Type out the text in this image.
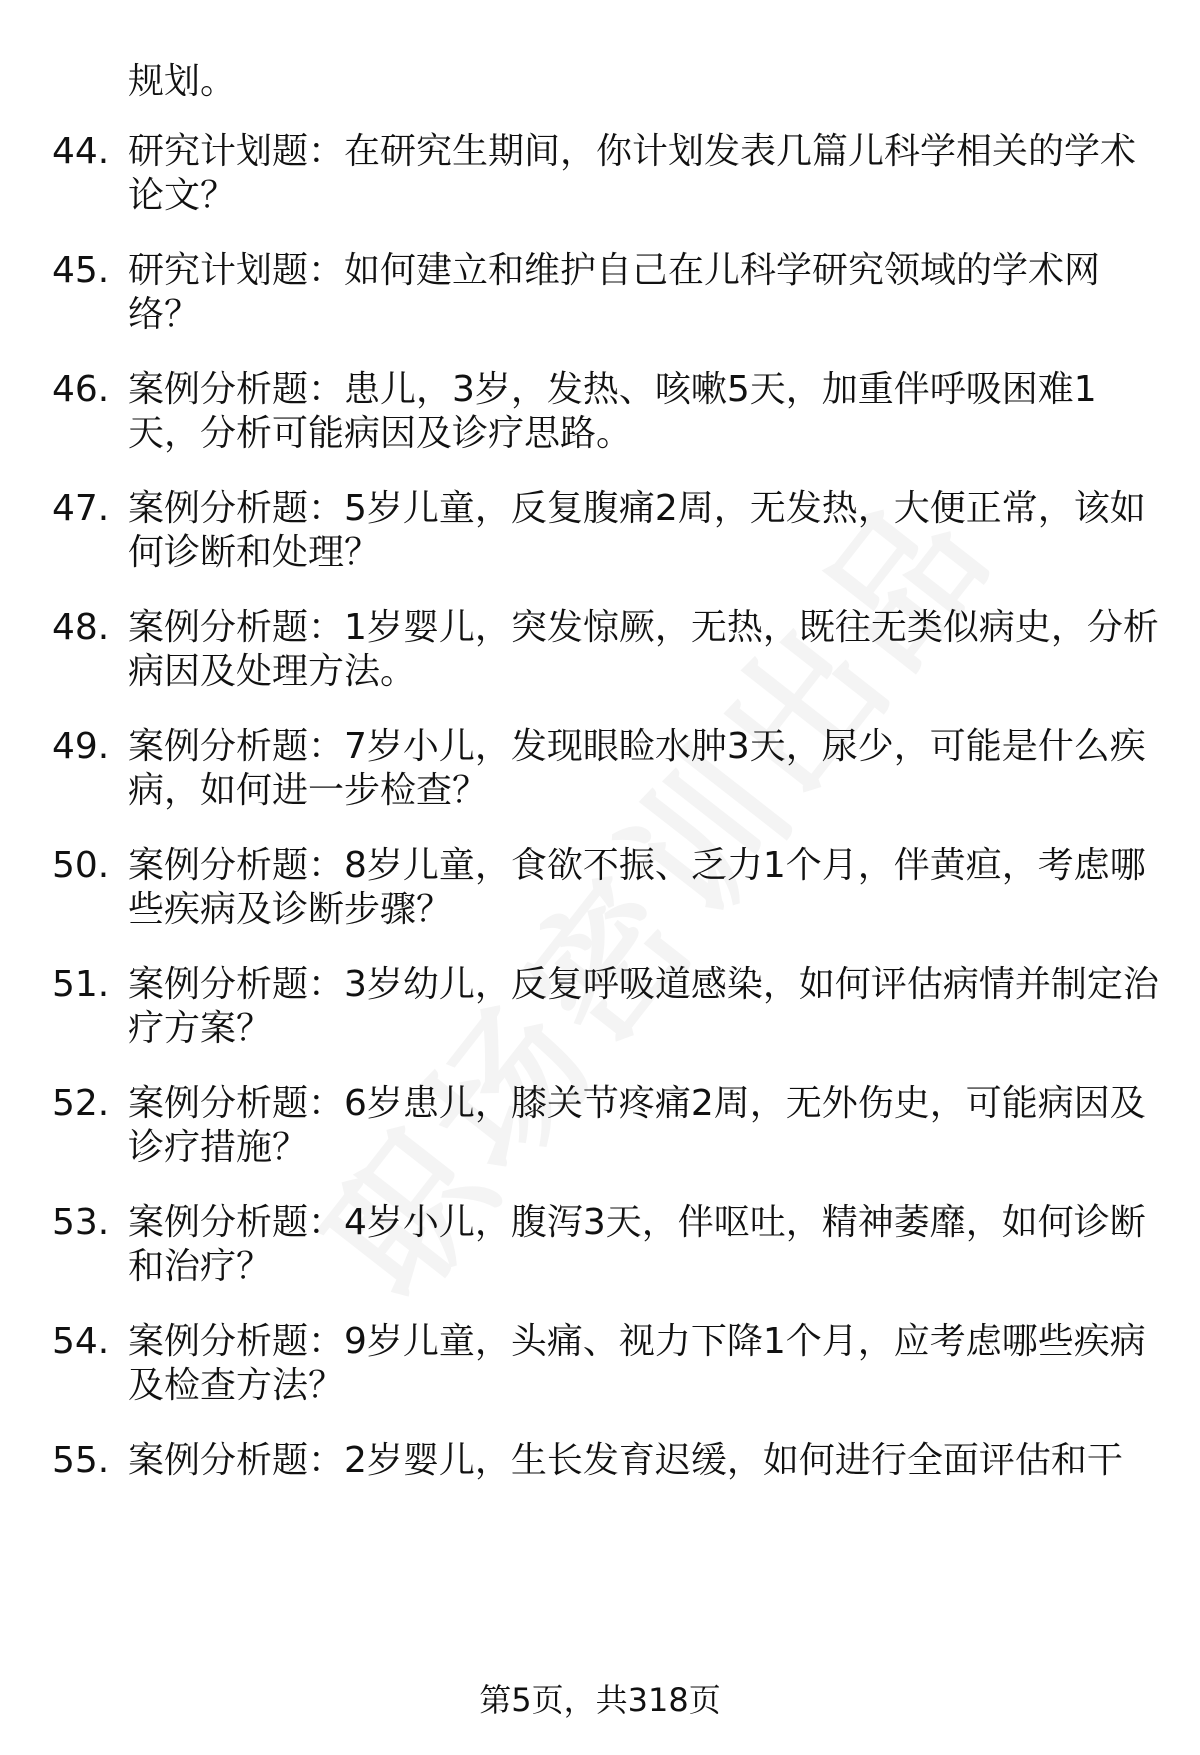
规划。
44. 研究计划题：在研究生期间，你计划发表几篇儿科学相关的学术
论文？
45. 研究计划题：如何建立和维护自己在儿科学研究领域的学术网
络？
46. 案例分析题：患儿，3岁，发热、咳嗽5天，加重伴呼吸困难1
天，分析可能病因及诊疗思路。
47. 案例分析题：5岁儿童，反复腹痛2周，无发热，大便正常，该如
何诊断和处理？
48. 案例分析题：1岁婴儿，突发惊厥，无热，既往无类似病史，分析
病因及处理方法。
49. 案例分析题：7岁小儿，发现眼睑水肿3天，尿少，可能是什么疾
病，如何进一步检查？
50. 案例分析题：8岁儿童，食欲不振、乏力1个月，伴黄疸，考虑哪
些疾病及诊断步骤？
51. 案例分析题：3岁幼儿，反复呼吸道感染，如何评估病情并制定治
疗方案？
52. 案例分析题：6岁患儿，膝关节疼痛2周，无外伤史，可能病因及
诊疗措施？
53. 案例分析题：4岁小儿，腹泻3天，伴呕吐，精神萎靡，如何诊断
和治疗？
54. 案例分析题：9岁儿童，头痛、视力下降1个月，应考虑哪些疾病
及检查方法？
55. 案例分析题：2岁婴儿，生长发育迟缓，如何进行全面评估和干
第5页，共318页
